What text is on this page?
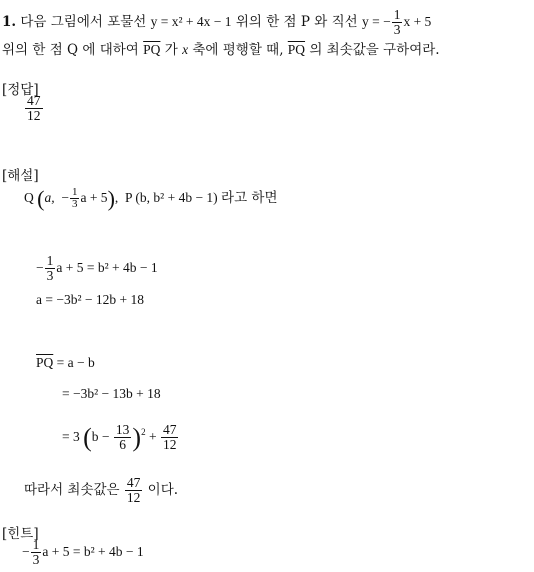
1. 다음 그림에서 포물선 y = x² + 4x − 1 위의 한 점 P 와 직선 y = − $\frac{1}{3}$ x + 5
위의 한 점 Q 에 대하여 $\overline{PQ}$ 가 x 축에 평행할 때, $\overline{PQ}$ 의 최솟값을 구하여라.
[정답]
$\frac{47}{12}$
[해설]
Q (a,  − $\frac{1}{3}$ a + 5), P (b, b² + 4b − 1) 라고 하면
− $\frac{1}{3}$ a + 5 = b² + 4b − 1
a = −3b² − 12b + 18
$\overline{PQ} = a - b$
= −3b² − 13b + 18
= 3 $(b - \frac{13}{6} )^2 + \frac{47}{12}$
따라서 최솟값은 $\frac{47}{12}$ 이다.
[힌트]
− $\frac{1}{3}$ a + 5 = b² + 4b − 1
